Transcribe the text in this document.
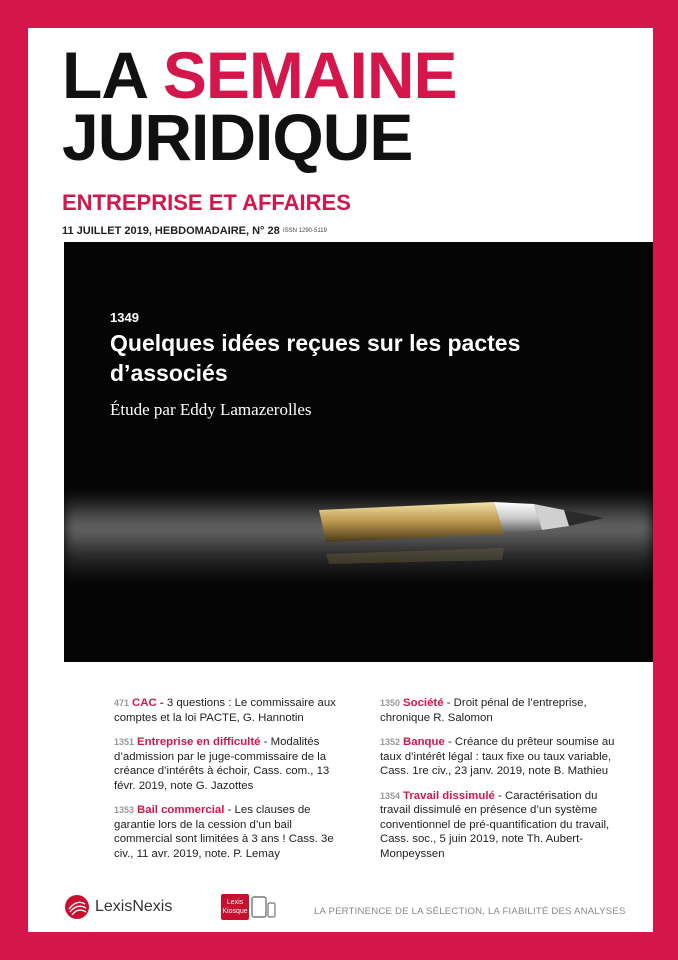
LA SEMAINE
JURIDIQUE
ENTREPRISE ET AFFAIRES
11 JUILLET 2019, HEBDOMADAIRE, N° 28 ISSN 1290-5119
1349
Quelques idées reçues sur les pactes d’associés
Étude par Eddy Lamazerolles
471 CAC - 3 questions : Le commissaire aux comptes et la loi PACTE, G. Hannotin
1351 Entreprise en difficulté - Modalités d’admission par le juge-commissaire de la créance d’intérêts à échoir, Cass. com., 13 févr. 2019, note G. Jazottes
1353 Bail commercial - Les clauses de garantie lors de la cession d’un bail commercial sont limitées à 3 ans ! Cass. 3e civ., 11 avr. 2019, note. P. Lemay
1350 Société - Droit pénal de l’entreprise, chronique R. Salomon
1352 Banque - Créance du prêteur soumise au taux d’intérêt légal : taux fixe ou taux variable, Cass. 1re civ., 23 janv. 2019, note B. Mathieu
1354 Travail dissimulé - Caractérisation du travail dissimulé en présence d’un système conventionnel de pré-quantification du travail, Cass. soc., 5 juin 2019, note Th. Aubert-Monpeyssen
LexisNexis	Lexis
Kiosque	LA PERTINENCE DE LA SÉLECTION, LA FIABILITÉ DES ANALYSES
